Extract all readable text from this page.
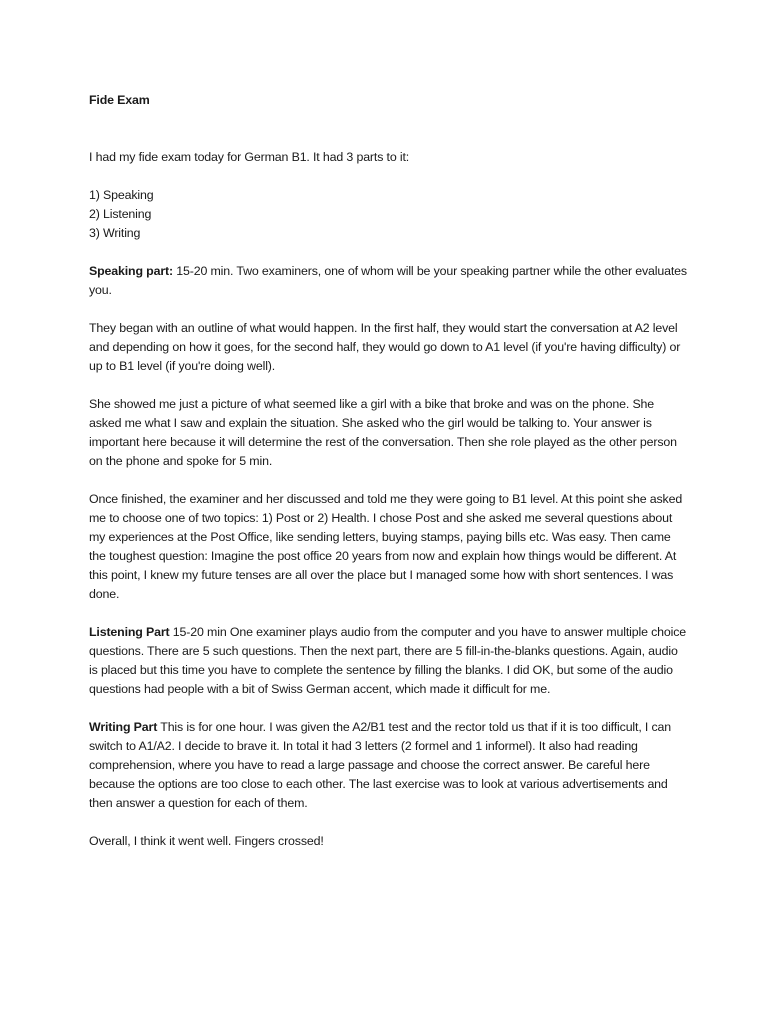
Fide Exam

I had my fide exam today for German B1. It had 3 parts to it:

1) Speaking
2) Listening
3) Writing

Speaking part: 15-20 min. Two examiners, one of whom will be your speaking partner while the other evaluates you.

They began with an outline of what would happen. In the first half, they would start the conversation at A2 level and depending on how it goes, for the second half, they would go down to A1 level (if you're having difficulty) or up to B1 level (if you're doing well).

She showed me just a picture of what seemed like a girl with a bike that broke and was on the phone. She asked me what I saw and explain the situation. She asked who the girl would be talking to. Your answer is important here because it will determine the rest of the conversation. Then she role played as the other person on the phone and spoke for 5 min.

Once finished, the examiner and her discussed and told me they were going to B1 level. At this point she asked me to choose one of two topics: 1) Post or 2) Health. I chose Post and she asked me several questions about my experiences at the Post Office, like sending letters, buying stamps, paying bills etc. Was easy. Then came the toughest question: Imagine the post office 20 years from now and explain how things would be different. At this point, I knew my future tenses are all over the place but I managed some how with short sentences. I was done.

Listening Part 15-20 min One examiner plays audio from the computer and you have to answer multiple choice questions. There are 5 such questions. Then the next part, there are 5 fill-in-the-blanks questions. Again, audio is placed but this time you have to complete the sentence by filling the blanks. I did OK, but some of the audio questions had people with a bit of Swiss German accent, which made it difficult for me.

Writing Part This is for one hour. I was given the A2/B1 test and the rector told us that if it is too difficult, I can switch to A1/A2. I decide to brave it. In total it had 3 letters (2 formel and 1 informel). It also had reading comprehension, where you have to read a large passage and choose the correct answer. Be careful here because the options are too close to each other. The last exercise was to look at various advertisements and then answer a question for each of them.

Overall, I think it went well. Fingers crossed!
